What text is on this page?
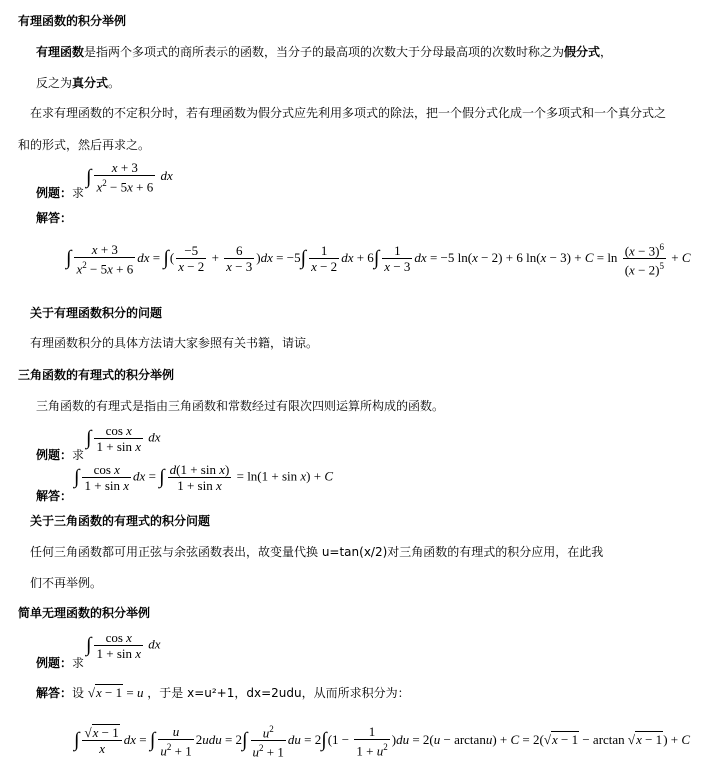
有理函数的积分举例
有理函数是指两个多项式的商所表示的函数，当分子的最高项的次数大于分母最高项的次数时称之为假分式，
反之为真分式。
在求有理函数的不定积分时，若有理函数为假分式应先利用多项式的除法，把一个假分式化成一个多项式和一个真分式之
和的形式，然后再求之。
例题：求
∫ $\frac{x + 3}{x^2 - 5x + 6}$ dx
解答：
∫ $\frac{x + 3}{x^2 - 5x + 6}$ dx = ∫( $\frac{-5}{x - 2} + \frac{6}{x - 3} )dx = -5\int \frac{1}{x - 2}$ dx + $6\int \frac{1}{x - 3}$ dx = −5 ln(x − 2) + 6 $\ln(x - 3) + C = \ln \frac{(x - 3)^6}{(x - 2)^5} + C$
关于有理函数积分的问题
有理函数积分的具体方法请大家参照有关书籍，请谅。
三角函数的有理式的积分举例
三角函数的有理式是指由三角函数和常数经过有限次四则运算所构成的函数。
例题：求
∫ $\frac{\text{cos x}}{\text{1 + sin x}}$ dx
解答：
∫ $\frac{\text{cos x}}{\text{1 + sin x}}$ dx = ∫ $\frac{\text{d(1 + sin x)}}{\text{1 + sin x}} = \ln(1 + \sin x) + C$
关于三角函数的有理式的积分问题
任何三角函数都可用正弦与余弦函数表出，故变量代换 u=tan(x/2)对三角函数的有理式的积分应用，在此我
们不再举例。
简单无理函数的积分举例
例题：求
∫ $\frac{\text{cos x}}{\text{1 + sin x}}$ dx
解答：设 √x − 1 = u ，于是 x=u²+1，dx=2udu，从而所求积分为：
∫ $\frac{√x - 1}{x}$ dx = ∫ $\frac{u}{u^2 + 1} 2udu = 2\int \frac{u^2}{u^2 + 1}$ du = $2\int(1 - \frac{1}{1 + u^2} )du = 2(u - \arctan u) + C = 2(√x - 1 - \arctan √x - 1) + C$
